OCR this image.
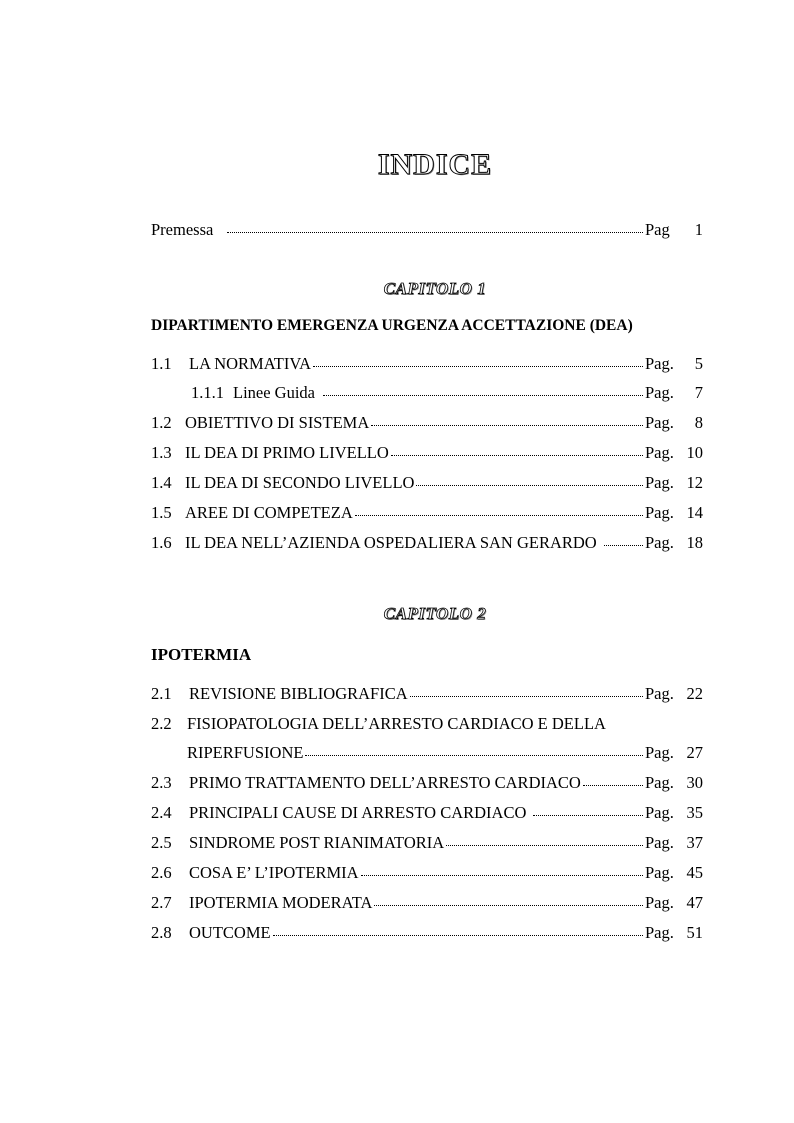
INDICE
Premessa	Pag	1
CAPITOLO 1
DIPARTIMENTO EMERGENZA URGENZA ACCETTAZIONE (DEA)
1.1	LA NORMATIVA	Pag.	5
1.1.1 Linee Guida	Pag.	7
1.2 OBIETTIVO DI SISTEMA	Pag.	8
1.3 IL DEA DI PRIMO LIVELLO	Pag. 10
1.4 IL DEA DI SECONDO LIVELLO	Pag. 12
1.5 AREE DI COMPETEZA	Pag. 14
1.6 IL DEA NELL’AZIENDA OSPEDALIERA SAN GERARDO	Pag. 18
CAPITOLO 2
IPOTERMIA
2.1	REVISIONE BIBLIOGRAFICA	Pag. 22
2.2 FISIOPATOLOGIA DELL’ARRESTO CARDIACO E DELLA
RIPERFUSIONE	Pag. 27
2.3	PRIMO TRATTAMENTO DELL’ARRESTO CARDIACO	Pag. 30
2.4	PRINCIPALI CAUSE DI ARRESTO CARDIACO	Pag. 35
2.5	SINDROME POST RIANIMATORIA	Pag. 37
2.6	COSA E’ L’IPOTERMIA	Pag. 45
2.7	IPOTERMIA MODERATA	Pag. 47
2.8	OUTCOME	Pag. 51
